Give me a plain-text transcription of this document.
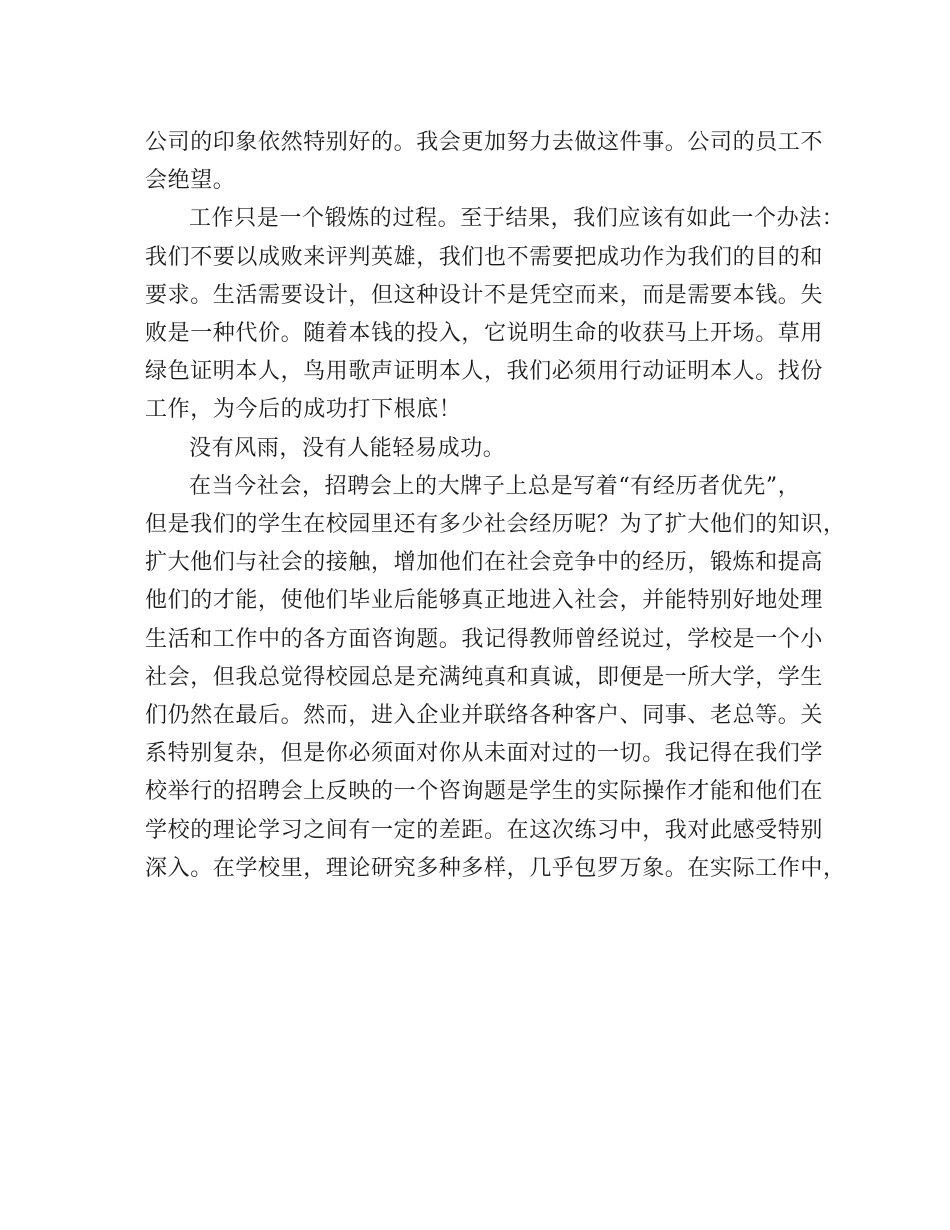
公司的印象依然特别好的。我会更加努力去做这件事。公司的员工不
会绝望。
工作只是一个锻炼的过程。至于结果，我们应该有如此一个办法：
我们不要以成败来评判英雄，我们也不需要把成功作为我们的目的和
要求。生活需要设计，但这种设计不是凭空而来，而是需要本钱。失
败是一种代价。随着本钱的投入，它说明生命的收获马上开场。草用
绿色证明本人，鸟用歌声证明本人，我们必须用行动证明本人。找份
工作，为今后的成功打下根底！
没有风雨，没有人能轻易成功。
在当今社会，招聘会上的大牌子上总是写着“有经历者优先”，
但是我们的学生在校园里还有多少社会经历呢？为了扩大他们的知识，
扩大他们与社会的接触，增加他们在社会竞争中的经历，锻炼和提高
他们的才能，使他们毕业后能够真正地进入社会，并能特别好地处理
生活和工作中的各方面咨询题。我记得教师曾经说过，学校是一个小
社会，但我总觉得校园总是充满纯真和真诚，即便是一所大学，学生
们仍然在最后。然而，进入企业并联络各种客户、同事、老总等。关
系特别复杂，但是你必须面对你从未面对过的一切。我记得在我们学
校举行的招聘会上反映的一个咨询题是学生的实际操作才能和他们在
学校的理论学习之间有一定的差距。在这次练习中，我对此感受特别
深入。在学校里，理论研究多种多样，几乎包罗万象。在实际工作中，
